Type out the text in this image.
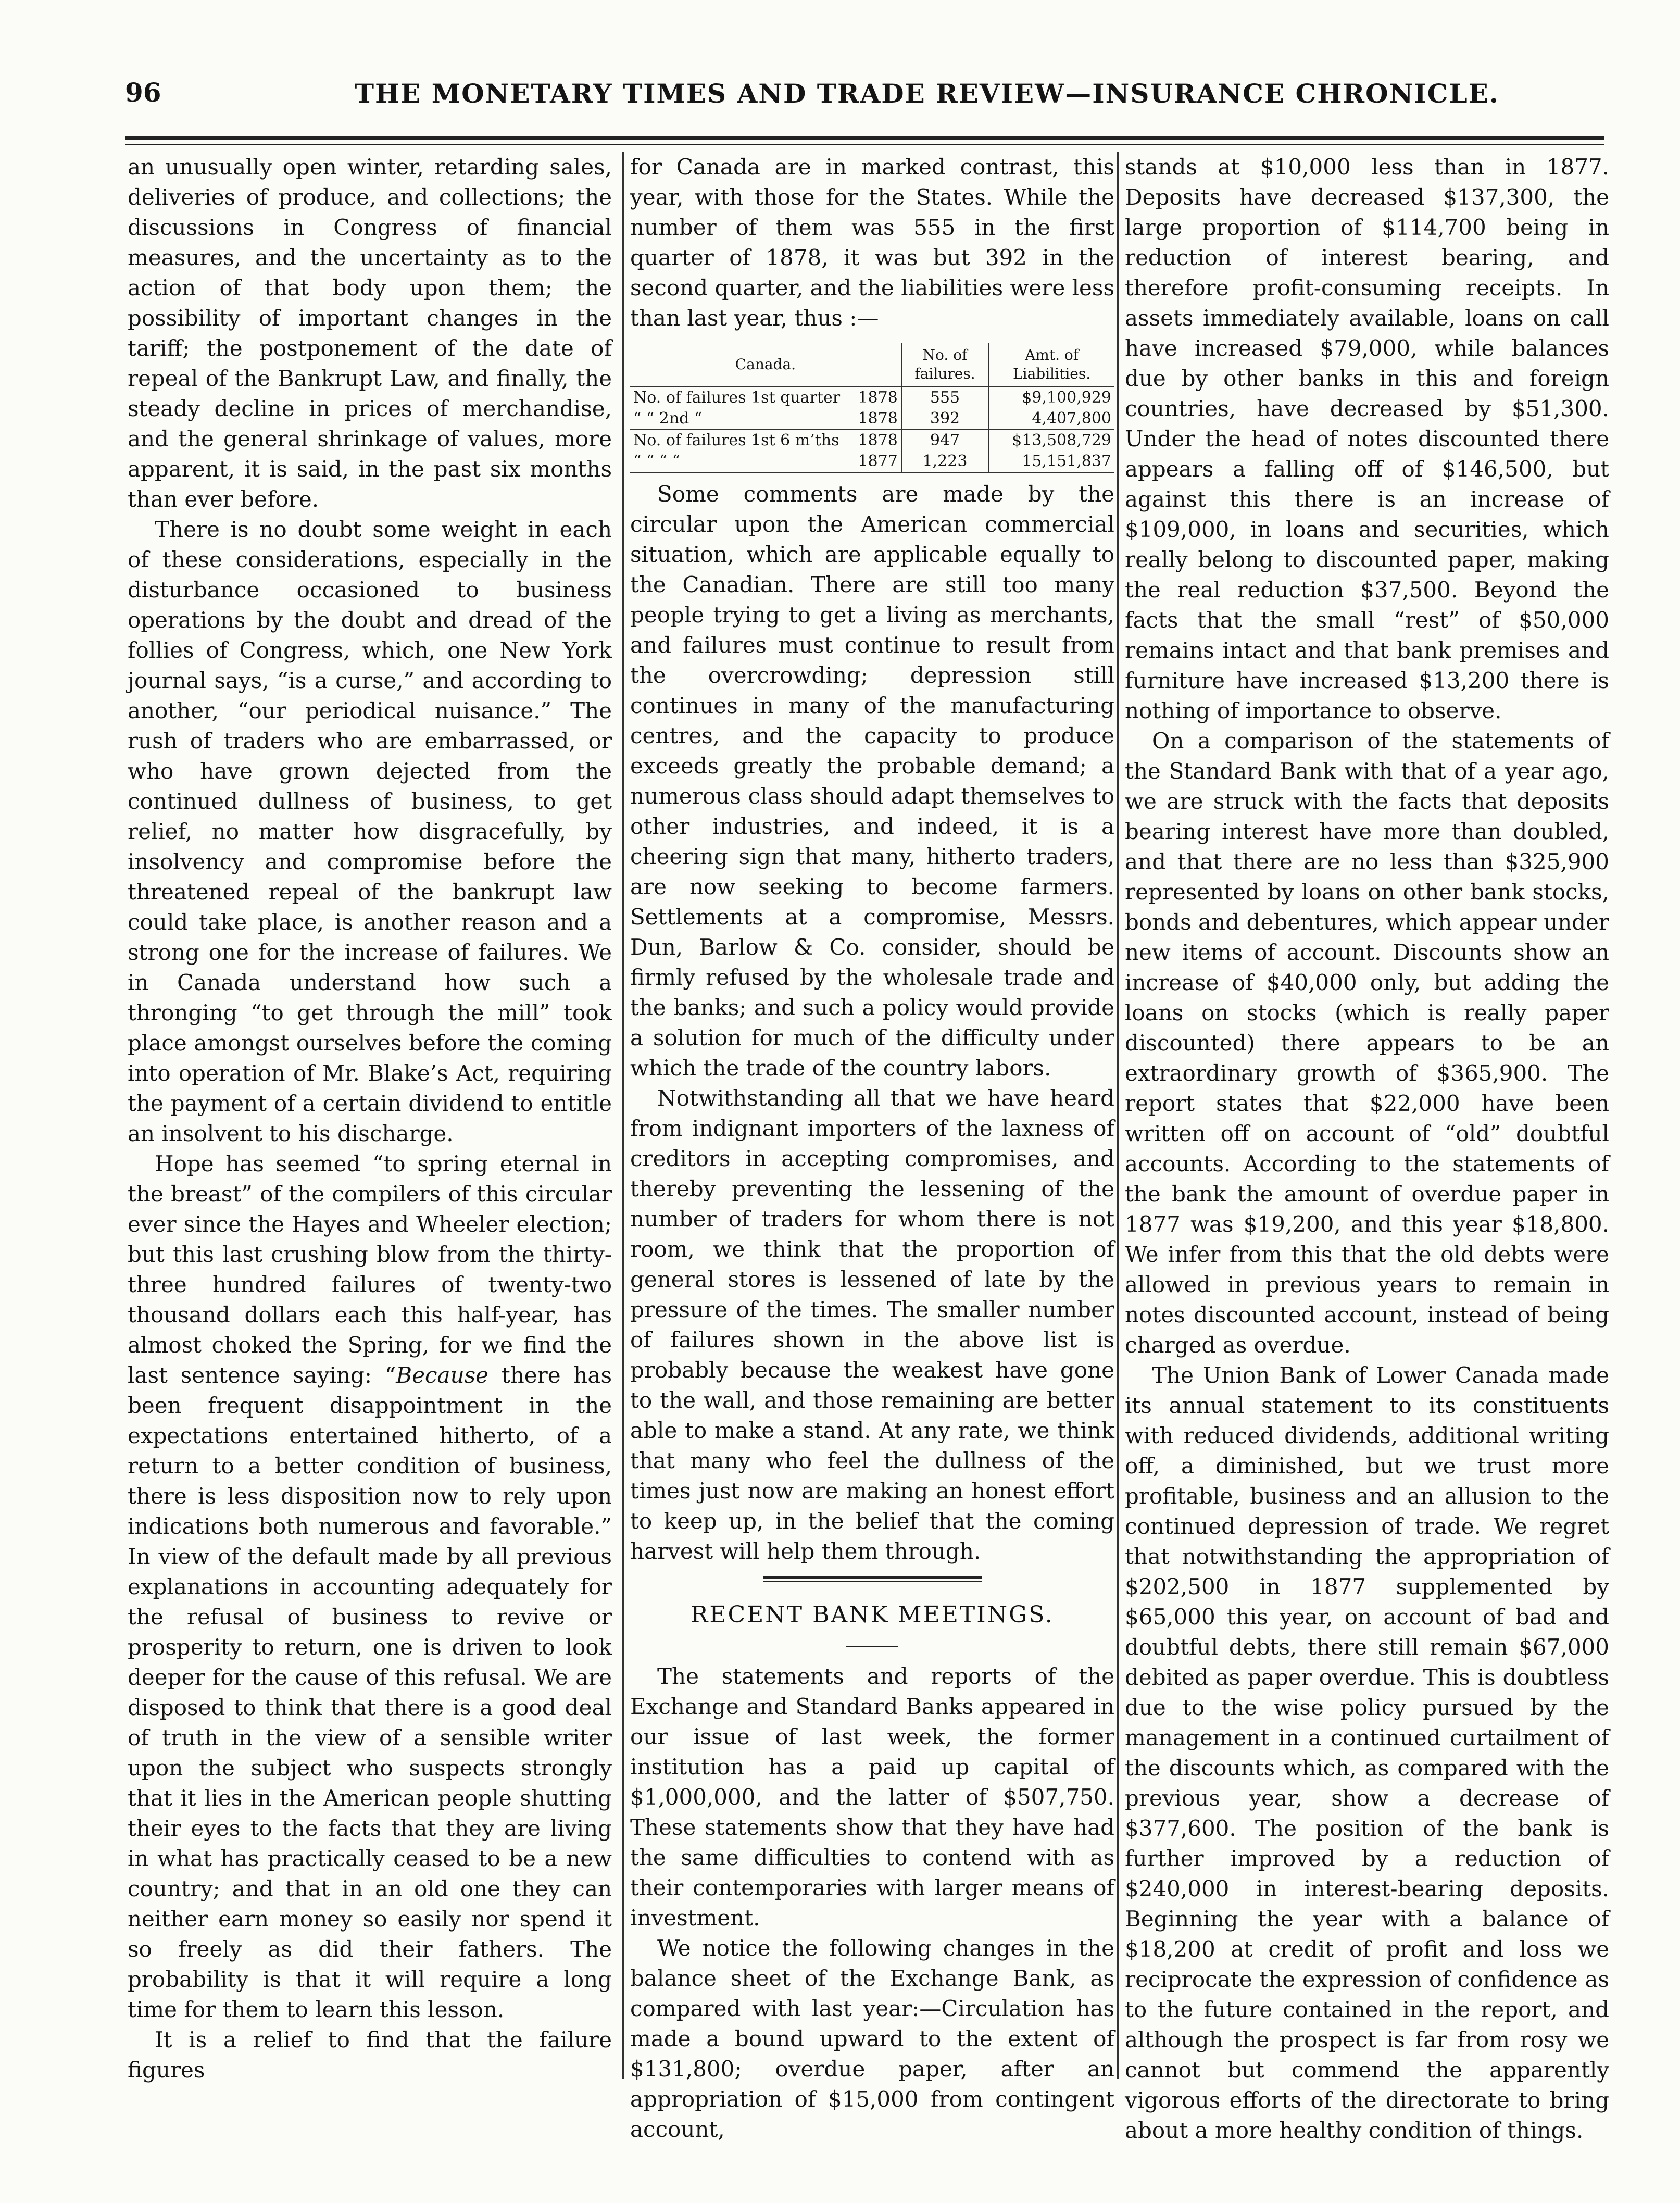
96	THE MONETARY TIMES AND TRADE REVIEW—INSURANCE CHRONICLE.

an unusually open winter, retarding sales, deliveries of produce, and collections; the discussions in Congress of financial measures, and the uncertainty as to the action of that body upon them; the possibility of important changes in the tariff; the postponement of the date of repeal of the Bankrupt Law, and finally, the steady decline in prices of merchandise, and the general shrinkage of values, more apparent, it is said, in the past six months than ever before.

There is no doubt some weight in each of these considerations, especially in the disturbance occasioned to business operations by the doubt and dread of the follies of Congress, which, one New York journal says, “is a curse,” and according to another, “our periodical nuisance.” The rush of traders who are embarrassed, or who have grown dejected from the continued dullness of business, to get relief, no matter how disgracefully, by insolvency and compromise before the threatened repeal of the bankrupt law could take place, is another reason and a strong one for the increase of failures. We in Canada understand how such a thronging “to get through the mill” took place amongst ourselves before the coming into operation of Mr. Blake’s Act, requiring the payment of a certain dividend to entitle an insolvent to his discharge.

Hope has seemed “to spring eternal in the breast” of the compilers of this circular ever since the Hayes and Wheeler election; but this last crushing blow from the thirty-three hundred failures of twenty-two thousand dollars each this half-year, has almost choked the Spring, for we find the last sentence saying: “Because there has been frequent disappointment in the expectations entertained hitherto, of a return to a better condition of business, there is less disposition now to rely upon indications both numerous and favorable.” In view of the default made by all previous explanations in accounting adequately for the refusal of business to revive or prosperity to return, one is driven to look deeper for the cause of this refusal. We are disposed to think that there is a good deal of truth in the view of a sensible writer upon the subject who suspects strongly that it lies in the American people shutting their eyes to the facts that they are living in what has practically ceased to be a new country; and that in an old one they can neither earn money so easily nor spend it so freely as did their fathers. The probability is that it will require a long time for them to learn this lesson.

It is a relief to find that the failure figures

for Canada are in marked contrast, this year, with those for the States. While the number of them was 555 in the first quarter of 1878, it was but 392 in the second quarter, and the liabilities were less than last year, thus :—

Canada.	No. of failures.	Amt. of Liabilities.
No. of failures 1st quarter 1878	555	$9,100,929
“ “ 2nd “ 1878	392	4,407,800
No. of failures 1st 6 m’ths 1878	947	$13,508,729
“ “ “ “ 1877	1,223	15,151,837

Some comments are made by the circular upon the American commercial situation, which are applicable equally to the Canadian. There are still too many people trying to get a living as merchants, and failures must continue to result from the overcrowding; depression still continues in many of the manufacturing centres, and the capacity to produce exceeds greatly the probable demand; a numerous class should adapt themselves to other industries, and indeed, it is a cheering sign that many, hitherto traders, are now seeking to become farmers. Settlements at a compromise, Messrs. Dun, Barlow & Co. consider, should be firmly refused by the wholesale trade and the banks; and such a policy would provide a solution for much of the difficulty under which the trade of the country labors.

Notwithstanding all that we have heard from indignant importers of the laxness of creditors in accepting compromises, and thereby preventing the lessening of the number of traders for whom there is not room, we think that the proportion of general stores is lessened of late by the pressure of the times. The smaller number of failures shown in the above list is probably because the weakest have gone to the wall, and those remaining are better able to make a stand. At any rate, we think that many who feel the dullness of the times just now are making an honest effort to keep up, in the belief that the coming harvest will help them through.

RECENT BANK MEETINGS.

The statements and reports of the Exchange and Standard Banks appeared in our issue of last week, the former institution has a paid up capital of $1,000,000, and the latter of $507,750. These statements show that they have had the same difficulties to contend with as their contemporaries with larger means of investment.

We notice the following changes in the balance sheet of the Exchange Bank, as compared with last year:—Circulation has made a bound upward to the extent of $131,800; overdue paper, after an appropriation of $15,000 from contingent account,

stands at $10,000 less than in 1877. Deposits have decreased $137,300, the large proportion of $114,700 being in reduction of interest bearing, and therefore profit-consuming receipts. In assets immediately available, loans on call have increased $79,000, while balances due by other banks in this and foreign countries, have decreased by $51,300. Under the head of notes discounted there appears a falling off of $146,500, but against this there is an increase of $109,000, in loans and securities, which really belong to discounted paper, making the real reduction $37,500. Beyond the facts that the small “rest” of $50,000 remains intact and that bank premises and furniture have increased $13,200 there is nothing of importance to observe.

On a comparison of the statements of the Standard Bank with that of a year ago, we are struck with the facts that deposits bearing interest have more than doubled, and that there are no less than $325,900 represented by loans on other bank stocks, bonds and debentures, which appear under new items of account. Discounts show an increase of $40,000 only, but adding the loans on stocks (which is really paper discounted) there appears to be an extraordinary growth of $365,900. The report states that $22,000 have been written off on account of “old” doubtful accounts. According to the statements of the bank the amount of overdue paper in 1877 was $19,200, and this year $18,800. We infer from this that the old debts were allowed in previous years to remain in notes discounted account, instead of being charged as overdue.

The Union Bank of Lower Canada made its annual statement to its constituents with reduced dividends, additional writing off, a diminished, but we trust more profitable, business and an allusion to the continued depression of trade. We regret that notwithstanding the appropriation of $202,500 in 1877 supplemented by $65,000 this year, on account of bad and doubtful debts, there still remain $67,000 debited as paper overdue. This is doubtless due to the wise policy pursued by the management in a continued curtailment of the discounts which, as compared with the previous year, show a decrease of $377,600. The position of the bank is further improved by a reduction of $240,000 in interest-bearing deposits. Beginning the year with a balance of $18,200 at credit of profit and loss we reciprocate the expression of confidence as to the future contained in the report, and although the prospect is far from rosy we cannot but commend the apparently vigorous efforts of the directorate to bring about a more healthy condition of things.
